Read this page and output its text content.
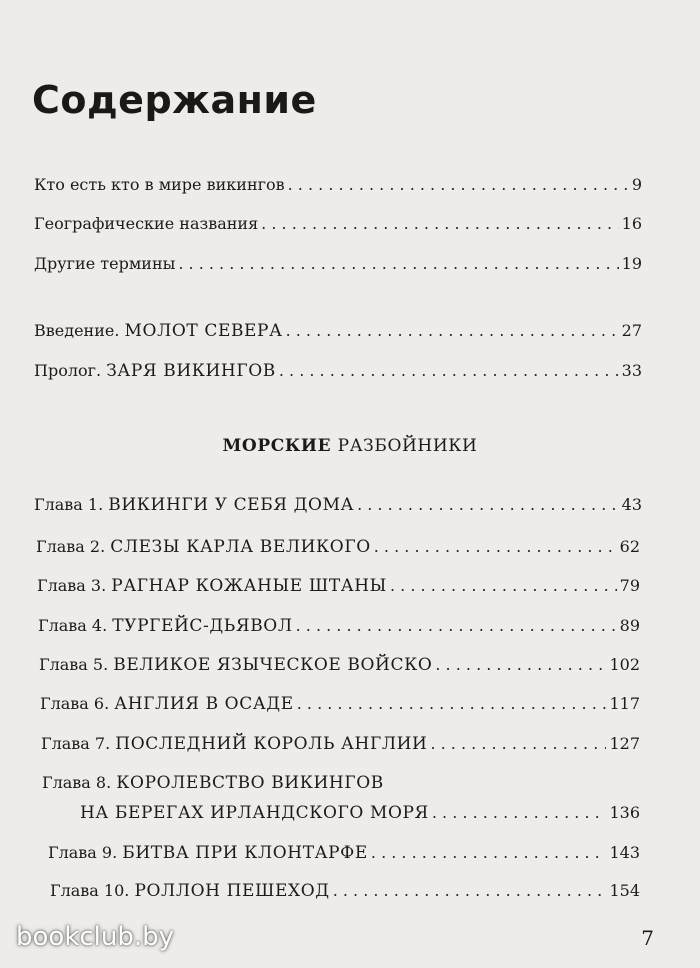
Содержание
Кто есть кто в мире викингов . . .	9
Географические названия . . .	16
Другие термины . . .	19
Введение. МОЛОТ СЕВЕРА . . .	27
Пролог. ЗАРЯ ВИКИНГОВ . . .	33
МОРСКИЕ РАЗБОЙНИКИ
Глава 1. ВИКИНГИ У СЕБЯ ДОМА . . .	43
Глава 2. СЛЕЗЫ КАРЛА ВЕЛИКОГО . . .	62
Глава 3. РАГНАР КОЖАНЫЕ ШТАНЫ . . .	79
Глава 4. ТУРГЕЙС-ДЬЯВОЛ . . .	89
Глава 5. ВЕЛИКОЕ ЯЗЫЧЕСКОЕ ВОЙСКО . . .	102
Глава 6. АНГЛИЯ В ОСАДЕ . . .	117
Глава 7. ПОСЛЕДНИЙ КОРОЛЬ АНГЛИИ . . .	127
Глава 8. КОРОЛЕВСТВО ВИКИНГОВ
НА БЕРЕГАХ ИРЛАНДСКОГО МОРЯ . . .	136
Глава 9. БИТВА ПРИ КЛОНТАРФЕ . . .	143
Глава 10. РОЛЛОН ПЕШЕХОД . . .	154
bookclub.by	7
